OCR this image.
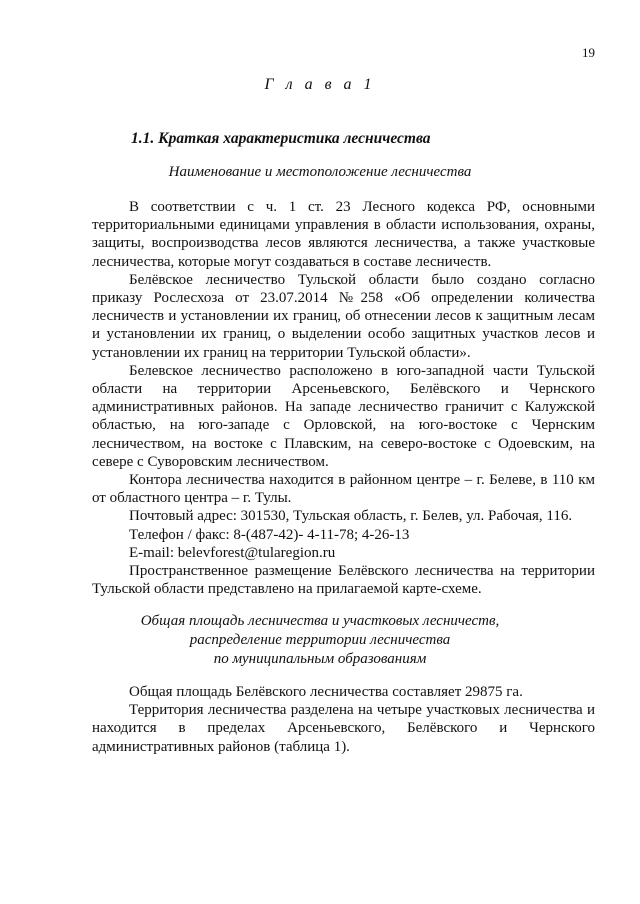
19
Г л а в а 1
1.1. Краткая характеристика лесничества
Наименование и местоположение лесничества

В соответствии с ч. 1 ст. 23 Лесного кодекса РФ, основными территориальными единицами управления в области использования, охраны, защиты, воспроизводства лесов являются лесничества, а также участковые лесничества, которые могут создаваться в составе лесничеств.

Белёвское лесничество Тульской области было создано согласно приказу Рослесхоза от 23.07.2014 №258 «Об определении количества лесничеств и установлении их границ, об отнесении лесов к защитным лесам и установлении их границ, о выделении особо защитных участков лесов и установлении их границ на территории Тульской области».

Белевское лесничество расположено в юго-западной части Тульской области на территории Арсеньевского, Белёвского и Чернского административных районов. На западе лесничество граничит с Калужской областью, на юго-западе с Орловской, на юго-востоке с Чернским лесничеством, на востоке с Плавским, на северо-востоке с Одоевским, на севере с Суворовским лесничеством.

Контора лесничества находится в районном центре – г. Белеве, в 110 км от областного центра – г. Тулы.

Почтовый адрес: 301530, Тульская область, г. Белев, ул. Рабочая, 116.

Телефон / факс: 8-(487-42)- 4-11-78; 4-26-13

E-mail: belevforest@tularegion.ru

Пространственное размещение Белёвского лесничества на территории Тульской области представлено на прилагаемой карте-схеме.

Общая площадь лесничества и участковых лесничеств,
распределение территории лесничества
по муниципальным образованиям

Общая площадь Белёвского лесничества составляет 29875 га.

Территория лесничества разделена на четыре участковых лесничества и находится в пределах Арсеньевского, Белёвского и Чернского административных районов (таблица 1).
